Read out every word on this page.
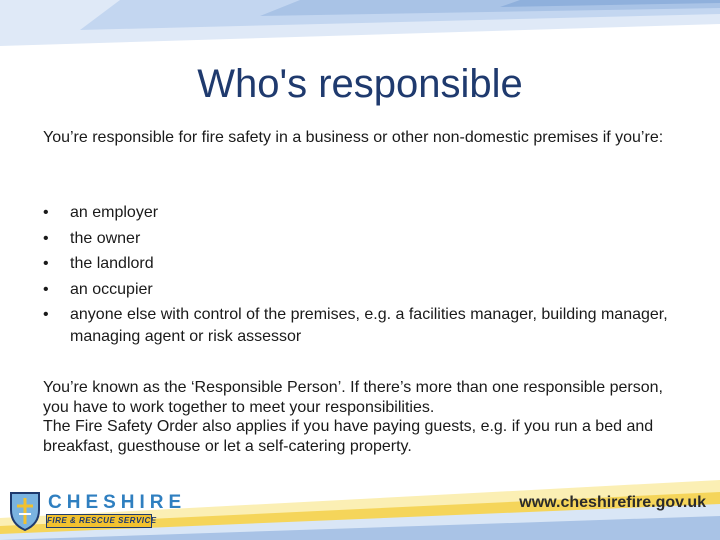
Who's responsible
You’re responsible for fire safety in a business or other non-domestic premises if you’re:
•	an employer
•	the owner
•	the landlord
•	an occupier
•	anyone else with control of the premises, e.g. a facilities manager, building manager, managing agent or risk assessor

You’re known as the ‘Responsible Person’. If there’s more than one responsible person, you have to work together to meet your responsibilities.

The Fire Safety Order also applies if you have paying guests, e.g. if you run a bed and breakfast, guesthouse or let a self-catering property.

CHESHIRE
FIRE & RESCUE SERVICE
www.cheshirefire.gov.uk
